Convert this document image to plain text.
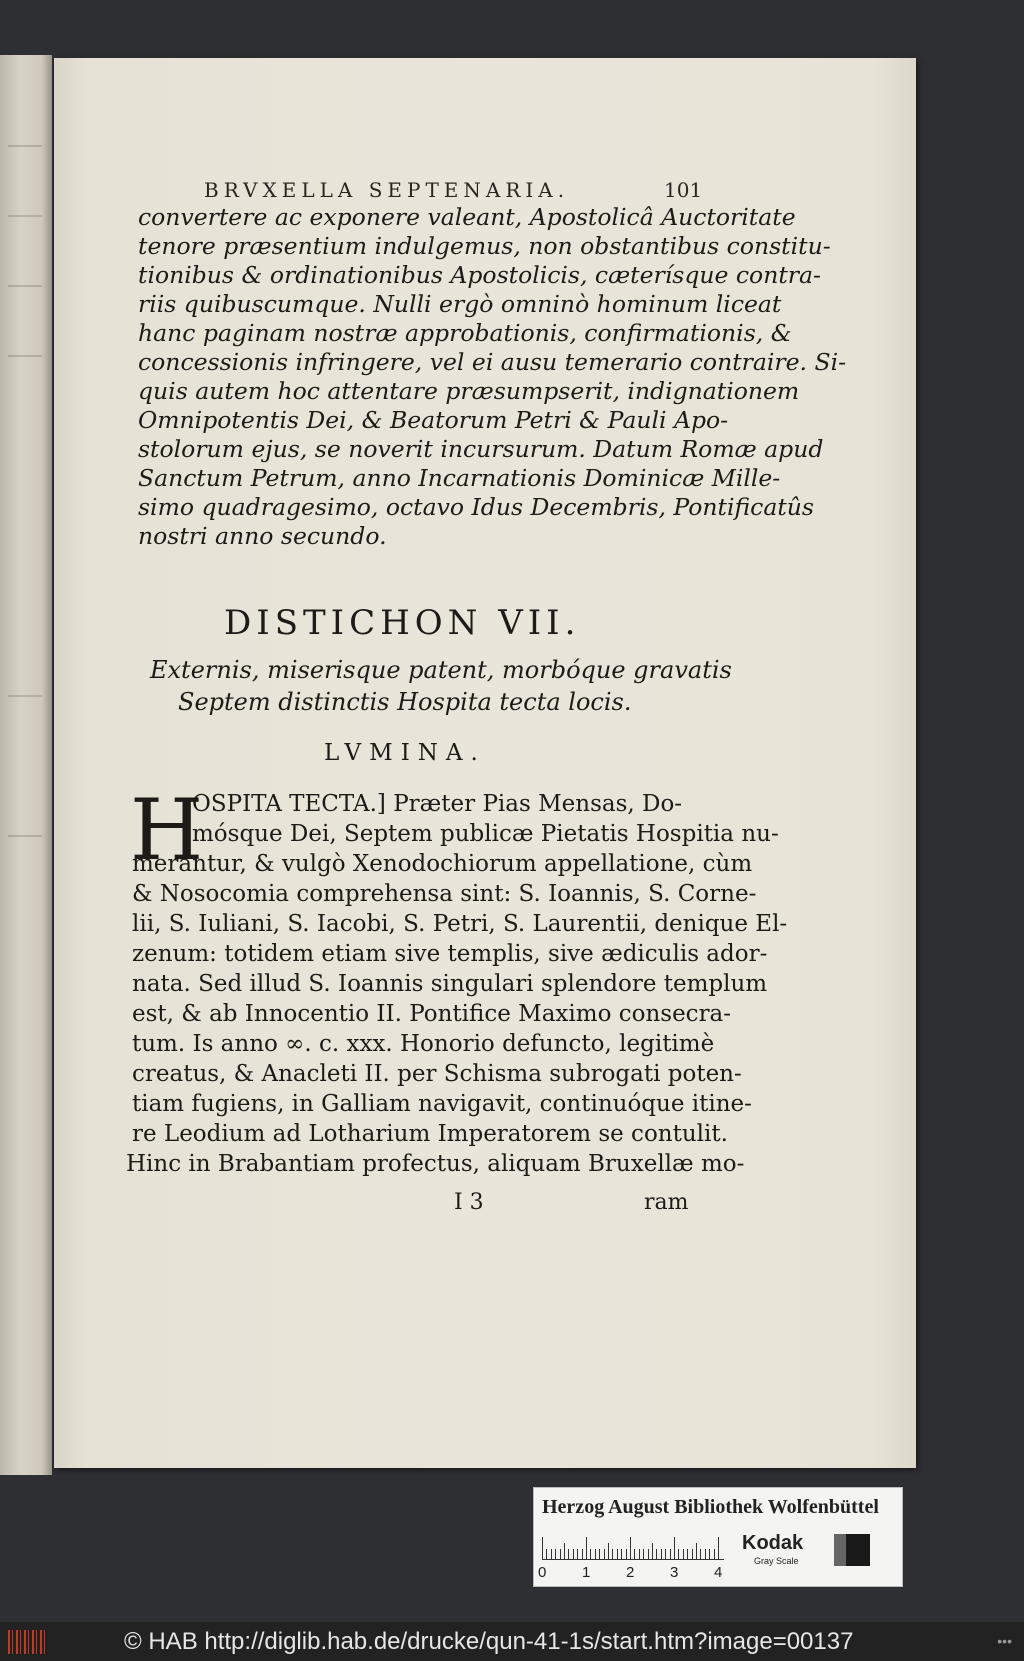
BRVXELLA SEPTENARIA.	101
convertere ac exponere valeant, Apostolicâ Auctoritate
tenore præsentium indulgemus, non obstantibus constitu-
tionibus & ordinationibus Apostolicis, cæterísque contra-
riis quibuscumque. Nulli ergò omninò hominum liceat
hanc paginam nostræ approbationis, confirmationis, &
concessionis infringere, vel ei ausu temerario contraire. Si-
quis autem hoc attentare præsumpserit, indignationem
Omnipotentis Dei, & Beatorum Petri & Pauli Apo-
stolorum ejus, se noverit incursurum. Datum Romæ apud
Sanctum Petrum, anno Incarnationis Dominicæ Mille-
simo quadragesimo, octavo Idus Decembris, Pontificatûs
nostri anno secundo.
DISTICHON VII.
Externis, miserisque patent, morbóque gravatis
Septem distinctis Hospita tecta locis.
LVMINA.
H
OSPITA TECTA.] Præter Pias Mensas, Do-
mósque Dei, Septem publicæ Pietatis Hospitia nu-
merantur, & vulgò Xenodochiorum appellatione, cùm
& Nosocomia comprehensa sint: S. Ioannis, S. Corne-
lii, S. Iuliani, S. Iacobi, S. Petri, S. Laurentii, denique El-
zenum: totidem etiam sive templis, sive ædiculis ador-
nata. Sed illud S. Ioannis singulari splendore templum
est, & ab Innocentio II. Pontifice Maximo consecra-
tum. Is anno ∞. c. xxx. Honorio defuncto, legitimè
creatus, & Anacleti II. per Schisma subrogati poten-
tiam fugiens, in Galliam navigavit, continuóque itine-
re Leodium ad Lotharium Imperatorem se contulit.
Hinc in Brabantiam profectus, aliquam Bruxellæ mo-
I 3	ram
Herzog August Bibliothek Wolfenbüttel
0 1 2 3 4
Kodak
Gray Scale
© HAB http://diglib.hab.de/drucke/qun-41-1s/start.htm?image=00137	•••
